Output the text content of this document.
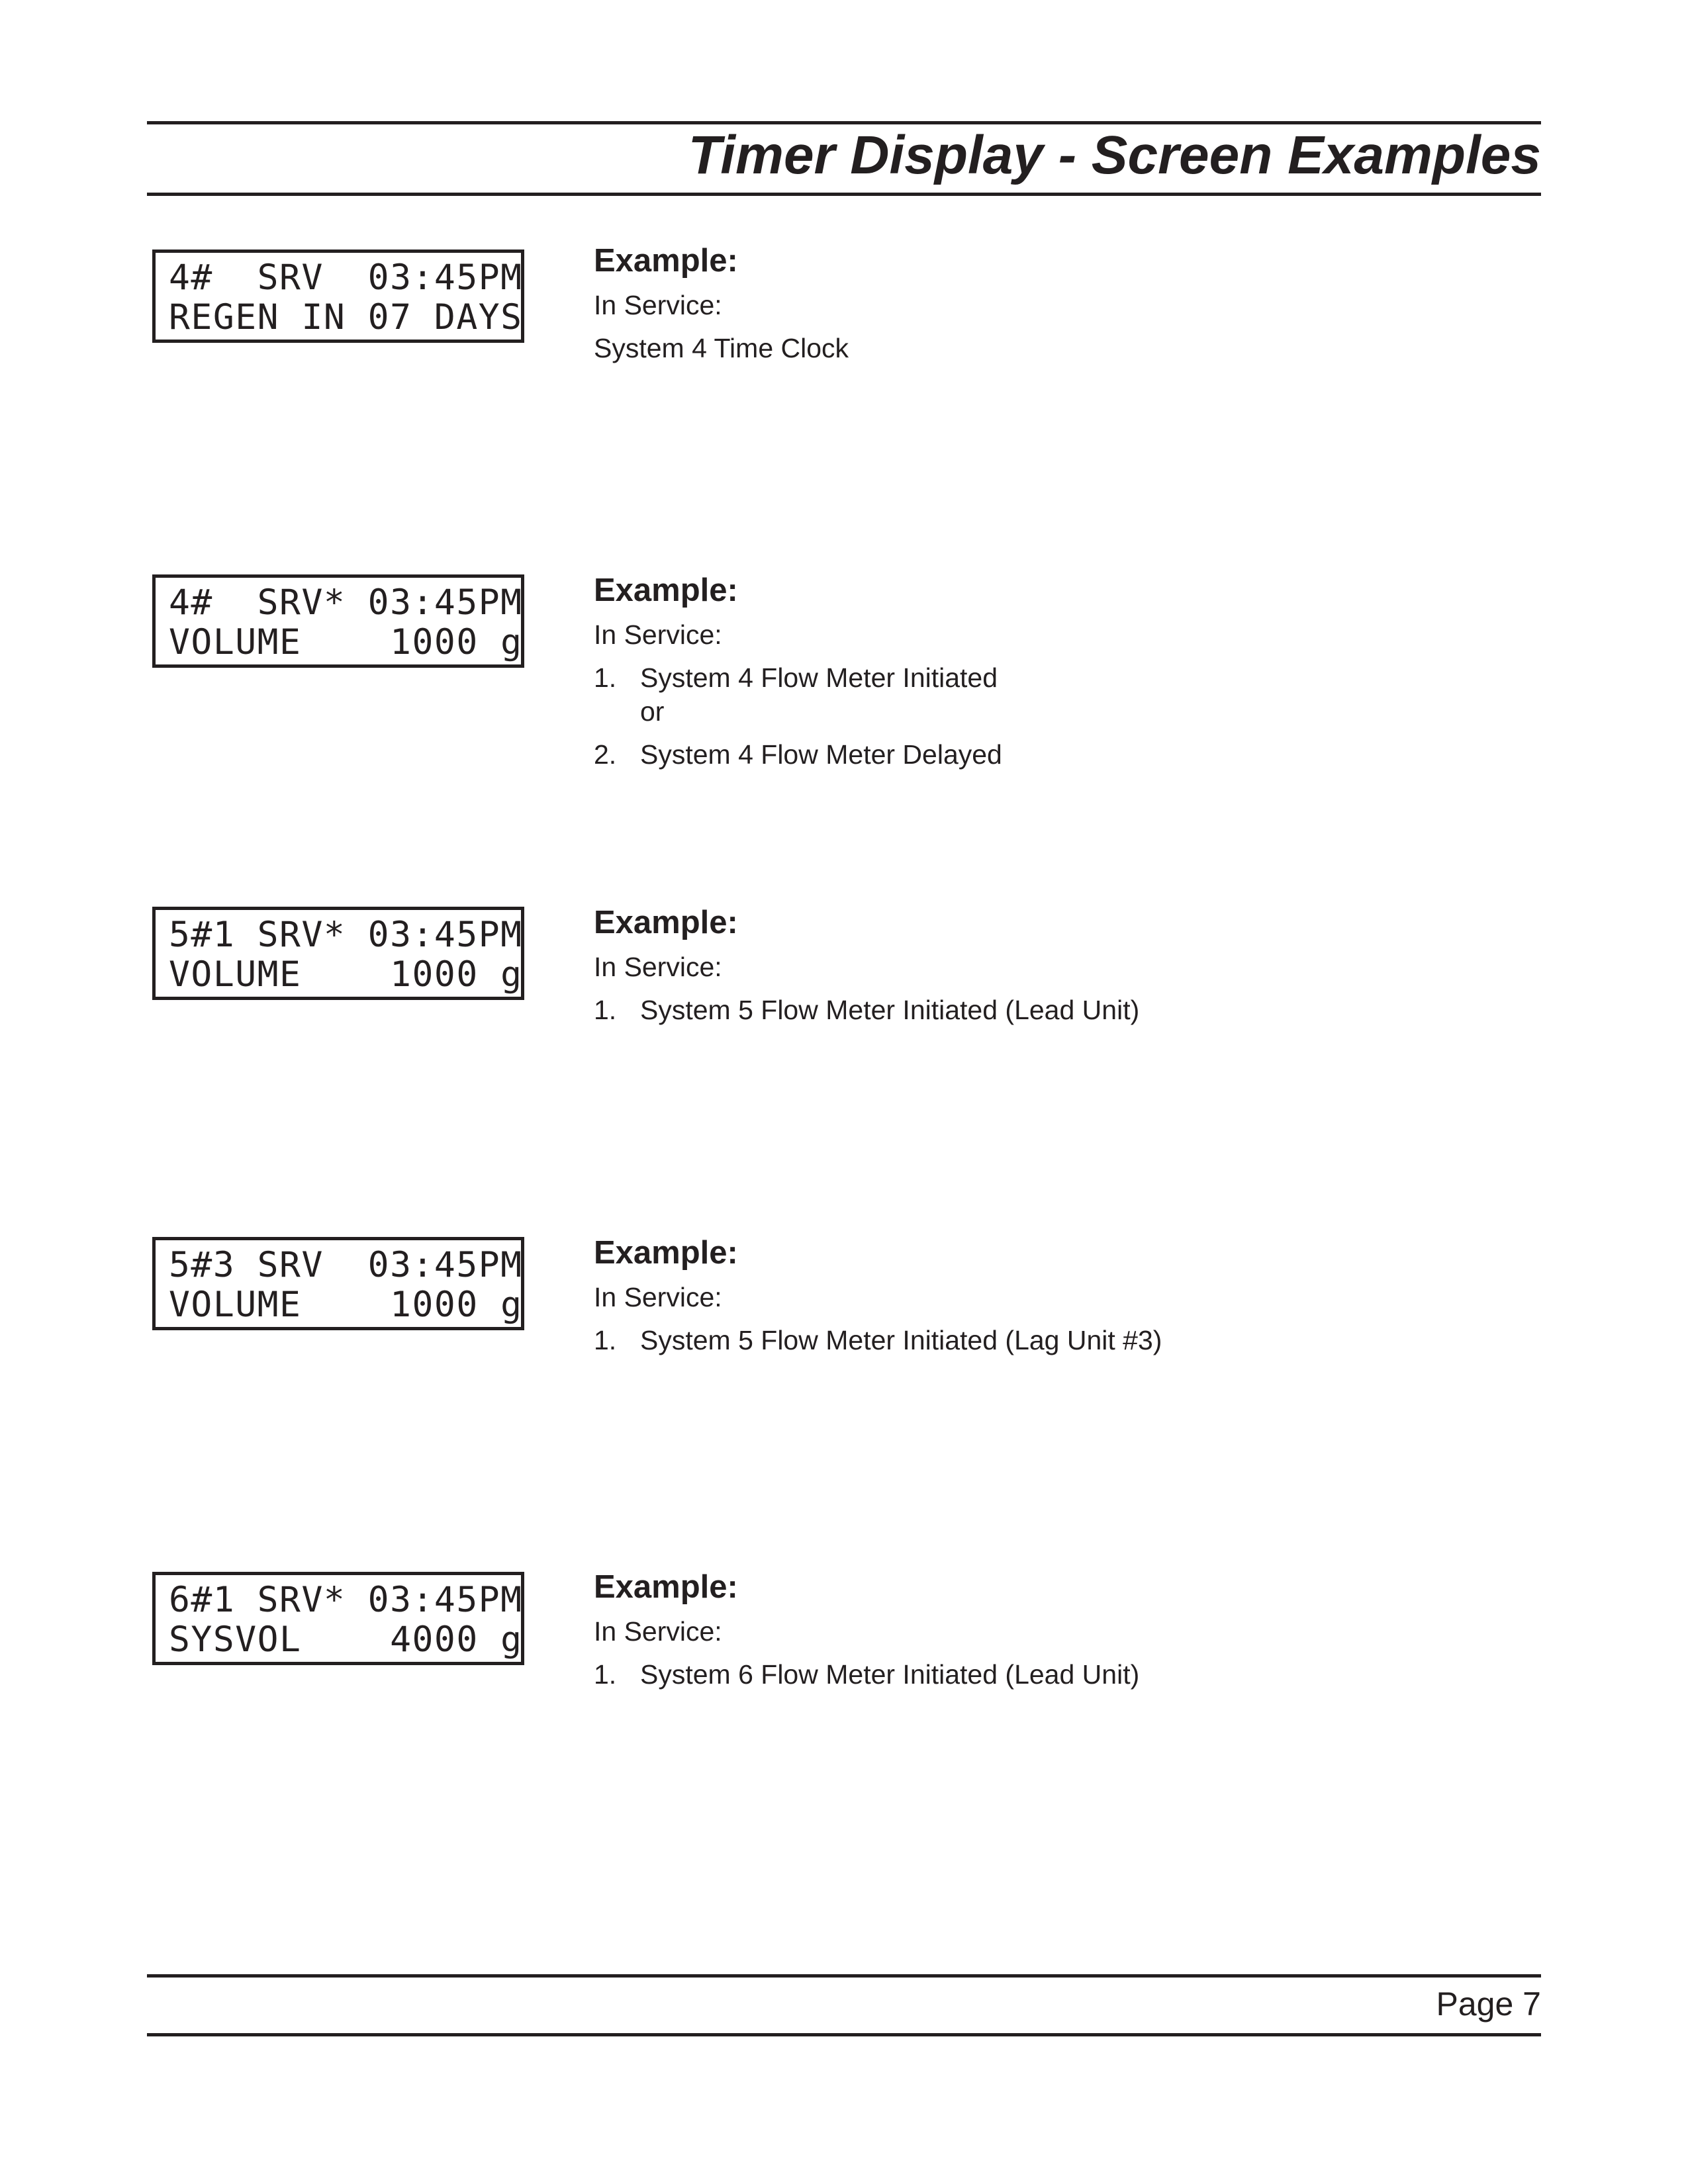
Timer Display - Screen Examples
4#  SRV  03:45PM
REGEN IN 07 DAYS
Example:
In Service:
System 4 Time Clock
4#  SRV* 03:45PM
VOLUME    1000 g
Example:
In Service:
1. System 4 Flow Meter Initiated
or
2. System 4 Flow Meter Delayed
5#1 SRV* 03:45PM
VOLUME    1000 g
Example:
In Service:
1. System 5 Flow Meter Initiated (Lead Unit)
5#3 SRV  03:45PM
VOLUME    1000 g
Example:
In Service:
1. System 5 Flow Meter Initiated (Lag Unit #3)
6#1 SRV* 03:45PM
SYSVOL    4000 g
Example:
In Service:
1. System 6 Flow Meter Initiated (Lead Unit)
Page 7
